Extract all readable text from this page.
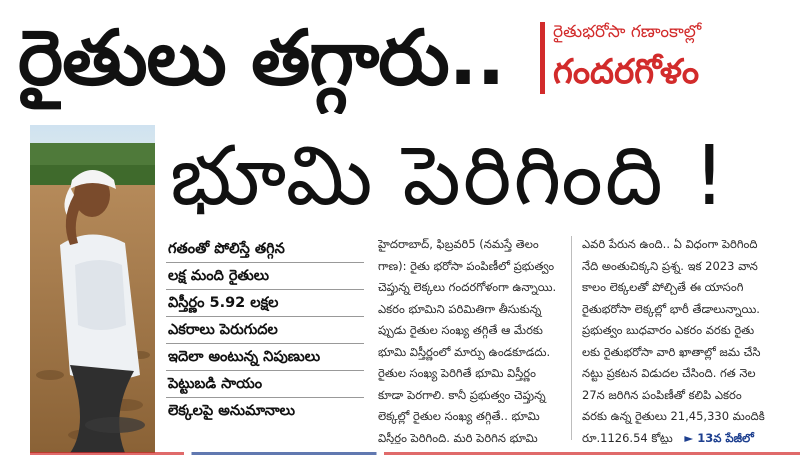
రైతులు తగ్గారు..	రైతుభరోసా గణాంకాల్లో
గందరగోళం
భూమి పెరిగింది !
గతంతో పోలిస్తే తగ్గిన
లక్ష మంది రైతులు
విస్తీర్ణం 5.92 లక్షల
ఎకరాలు పెరుగుదల
ఇదెలా అంటున్న నిపుణులు
పెట్టుబడి సాయం
లెక్కలపై అనుమానాలు

హైదరాబాద్, ఫిబ్రవరి5 (నమస్తే తెలం

గాణ): రైతు భరోసా పంపిణీలో ప్రభుత్వం

చెప్తున్న లెక్కలు గందరగోళంగా ఉన్నాయి.

ఎకరం భూమిని పరిమితిగా తీసుకున్న

ప్పుడు రైతుల సంఖ్య తగ్గితే ఆ మేరకు

భూమి విస్తీర్ణంలో మార్పు ఉండకూడదు.

రైతుల సంఖ్య పెరిగితే భూమి విస్తీర్ణం

కూడా పెరగాలి. కానీ ప్రభుత్వం చెప్తున్న

లెక్కల్లో రైతుల సంఖ్య తగ్గితే.. భూమి

విస్తీర్ణం పెరిగింది. మరి పెరిగిన భూమి

ఎవరి పేరున ఉంది.. ఏ విధంగా పెరిగింది

నేది అంతుచిక్కని ప్రశ్న. ఇక 2023 వాన

కాలం లెక్కలతో పోల్చితే ఈ యాసంగి

రైతుభరోసా లెక్కల్లో భారీ తేడాలున్నాయి.

ప్రభుత్వం బుధవారం ఎకరం వరకు రైతు

లకు రైతుభరోసా వారి ఖాతాల్లో జమ చేసి

నట్టు ప్రకటన విడుదల చేసింది. గత నెల

27న జరిగిన పంపిణీతో కలిపి ఎకరం

వరకు ఉన్న రైతులు 21,45,330 మందికి

రూ.1126.54 కోట్లు ► 13వ పేజీలో
